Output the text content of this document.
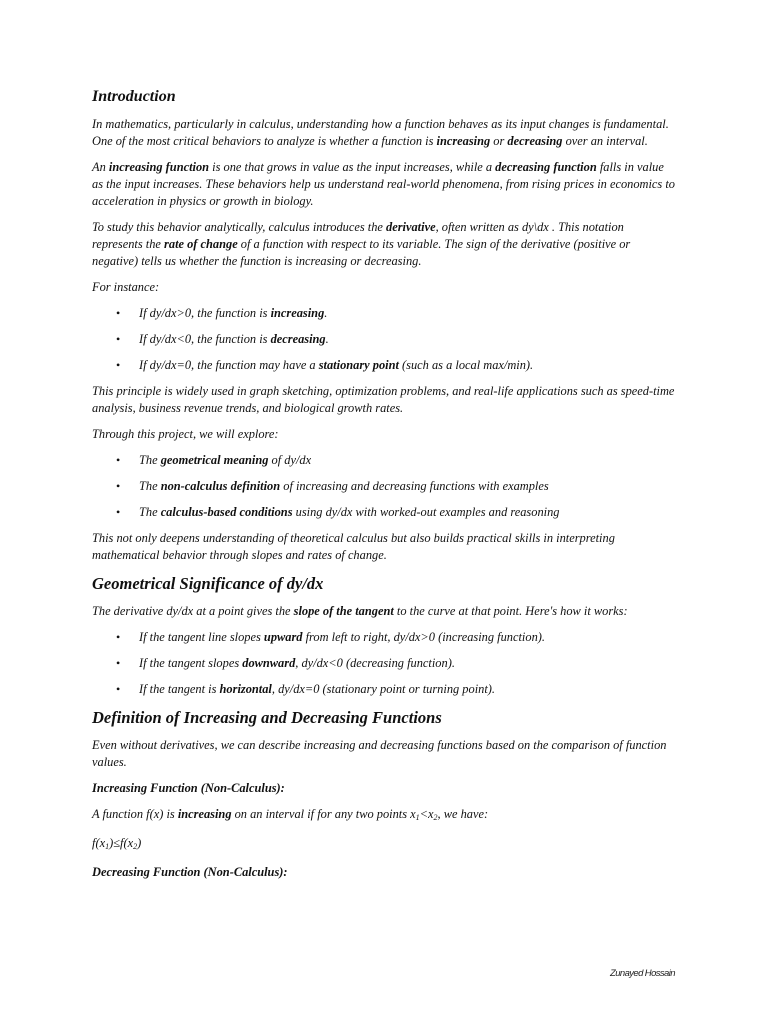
Introduction

In mathematics, particularly in calculus, understanding how a function behaves as its input changes is fundamental. One of the most critical behaviors to analyze is whether a function is increasing or decreasing over an interval.

An increasing function is one that grows in value as the input increases, while a decreasing function falls in value as the input increases. These behaviors help us understand real-world phenomena, from rising prices in economics to acceleration in physics or growth in biology.

To study this behavior analytically, calculus introduces the derivative, often written as dy\dx . This notation represents the rate of change of a function with respect to its variable. The sign of the derivative (positive or negative) tells us whether the function is increasing or decreasing.

For instance:

• If dy/dx>0, the function is increasing.
• If dy/dx<0, the function is decreasing.
• If dy/dx=0, the function may have a stationary point (such as a local max/min).

This principle is widely used in graph sketching, optimization problems, and real-life applications such as speed-time analysis, business revenue trends, and biological growth rates.

Through this project, we will explore:

• The geometrical meaning of dy/dx
• The non-calculus definition of increasing and decreasing functions with examples
• The calculus-based conditions using dy/dx with worked-out examples and reasoning

This not only deepens understanding of theoretical calculus but also builds practical skills in interpreting mathematical behavior through slopes and rates of change.

Geometrical Significance of dy/dx

The derivative dy/dx at a point gives the slope of the tangent to the curve at that point. Here's how it works:

• If the tangent line slopes upward from left to right, dy/dx>0 (increasing function).
• If the tangent slopes downward, dy/dx<0 (decreasing function).
• If the tangent is horizontal, dy/dx=0 (stationary point or turning point).
Definition of Increasing and Decreasing Functions

Even without derivatives, we can describe increasing and decreasing functions based on the comparison of function values.

Increasing Function (Non-Calculus):

A function f(x) is increasing on an interval if for any two points $x_1<x_2$, we have:

$f(x_1)\le f(x_2)$

Decreasing Function (Non-Calculus):

Zunayed Hossain
